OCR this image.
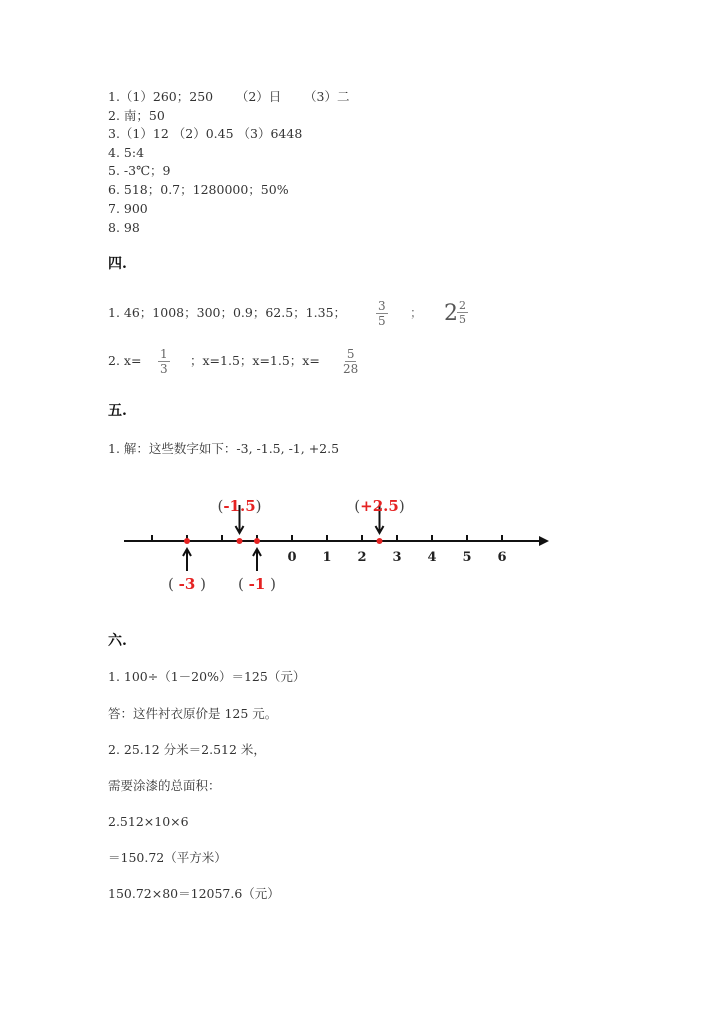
1.（1）260；250 　　（2）日 　　（3）二
2. 南；50
3.（1）12 （2）0.45 （3）6448
4. 5:4
5. -3℃；9
6. 518；0.7；1280000；50%
7. 900
8. 98
四.
1. 46；1008；300；0.9；62.5；1.35； $\frac{3}{5}$ ； $2 \frac{2}{5}$
2. $x= \frac{1}{3}$ ；x=1.5；x=1.5；$x= \frac{5}{28}$
五.
1. 解：这些数字如下：-3, -1.5, -1, +2.5
0 1 2 3 4 5 6
( -3 )
(-1.5)
( -1 )
(+2.5)
六.
1. 100÷（1－20%）＝125（元）
答：这件衬衣原价是 125 元。
2. 25.12 分米＝2.512 米，
需要涂漆的总面积：
2.512×10×6
＝150.72（平方米）
150.72×80＝12057.6（元）
